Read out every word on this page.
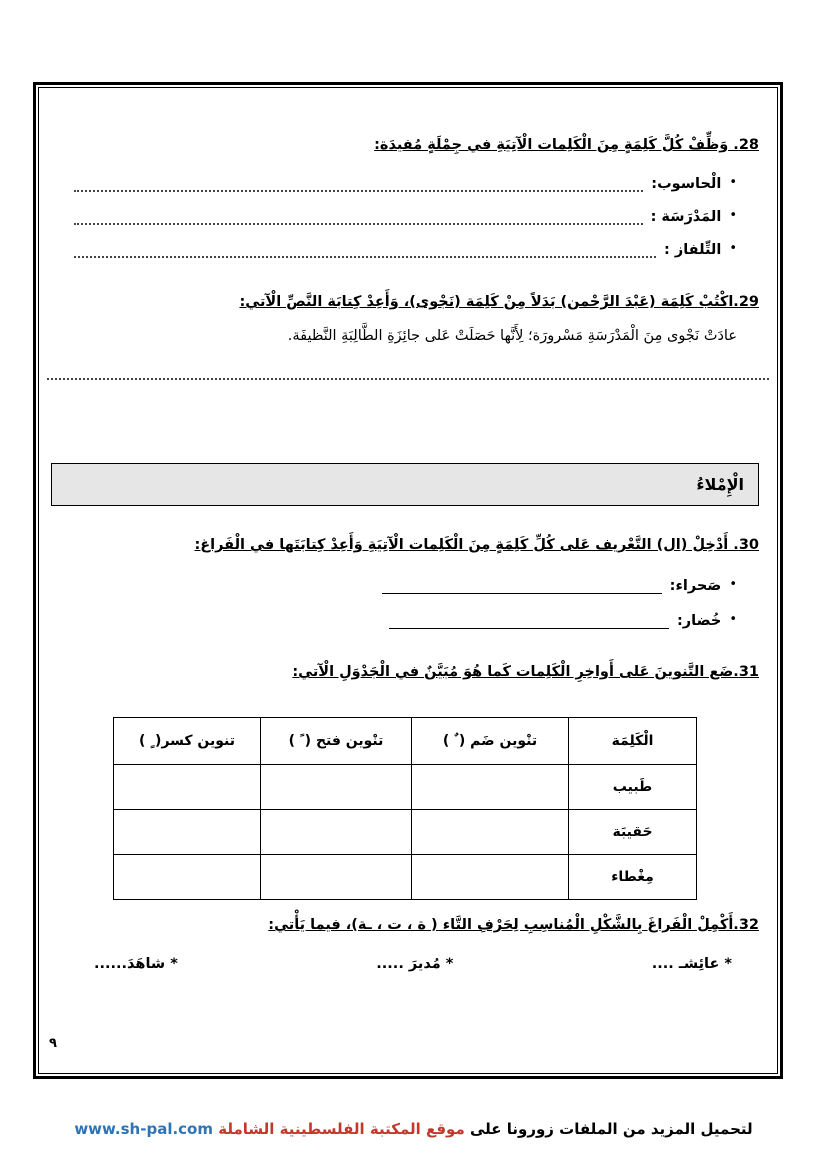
28. وَظِّفْ كُلَّ كَلِمَةٍ مِنَ الْكَلِمات الْآتِيَةِ في جِمْلَةٍ مُفيدَة:
•
الْحاسوب:
•
المَدْرَسَة :
•
التِّلفاز :
29.اكْتُبْ كَلِمَة (عَبْدَ الرَّحْمن) بَدَلاً مِنْ كَلِمَة (نَجْوى)، وَأَعِدْ كِتابَة النَّصِّ الْآتي:
عادَتْ نَجْوى مِنَ الْمَدْرَسَةِ مَسْرورَة؛ لِأَنَّها حَصَلَتْ عَلى جائِزَةِ الطَّالِبَةِ النَّظيفَة.
الْإِمْلاءُ
30. أَدْخِلْ (ال) التَّعْريف عَلى كُلِّ كَلِمَةٍ مِنَ الْكَلِمات الْآتِيَةِ وَأَعِدْ كِتابَتَها في الْفَراغ:
•
صَحراء:
•
خُضار:
31.ضَع التَّنوينَ عَلى أَواخِرِ الْكَلِمات كَما هُوَ مُبَيَّنٌ في الْجَدْوَلِ الْآتي:
الْكَلِمَة	تنْوين ضَم ( ٌ )	تنْوين فتح ( ً )	تنوين كسر( ٍ )
طَبيب			
حَقيبَة			
مِغْطاء			
32.أَكْمِلْ الْفَراغَ بِالشَّكْلِ الْمُناسِبِ لِحَرْفِ التَّاء ( ة ، ت ، ـة)، فيما يَأْتي:
* عائِشـ ....
* مُديرَ .....
* شاهَدَ......
٩
لتحميل المزيد من الملفات زورونا على موقع المكتبة الفلسطينية الشاملة www.sh-pal.com
